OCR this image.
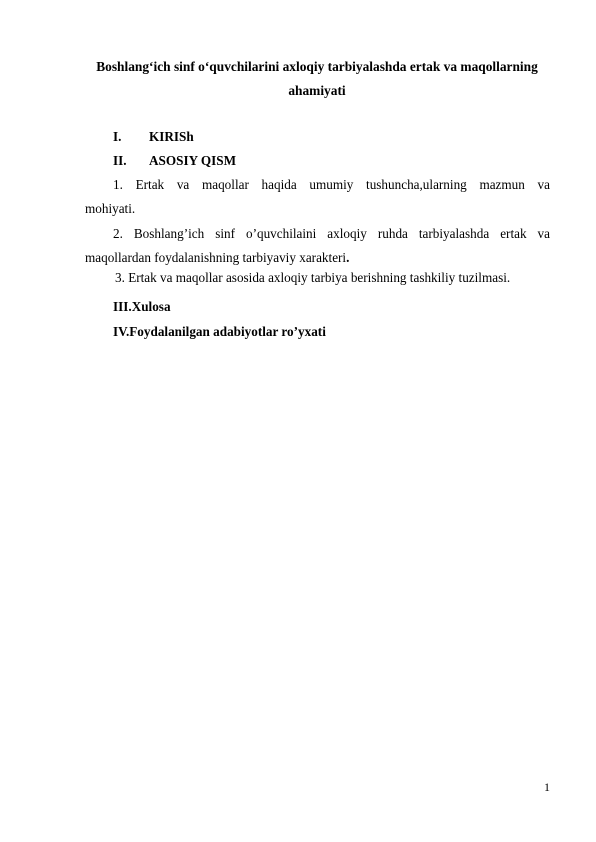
Boshlang‘ich sinf o‘quvchilarini axloqiy tarbiyalashda ertak va maqollarning
ahamiyati
I. KIRISh
II. ASOSIY QISM
1. Ertak va maqollar haqida umumiy tushuncha,ularning mazmun va
mohiyati.
2. Boshlang’ich sinf o’quvchilaini axloqiy ruhda tarbiyalashda ertak va
maqollardan foydalanishning tarbiyaviy xarakteri.
3. Ertak va maqollar asosida axloqiy tarbiya berishning tashkiliy tuzilmasi.
III.Xulosa
IV.Foydalanilgan adabiyotlar ro’yxati
1
